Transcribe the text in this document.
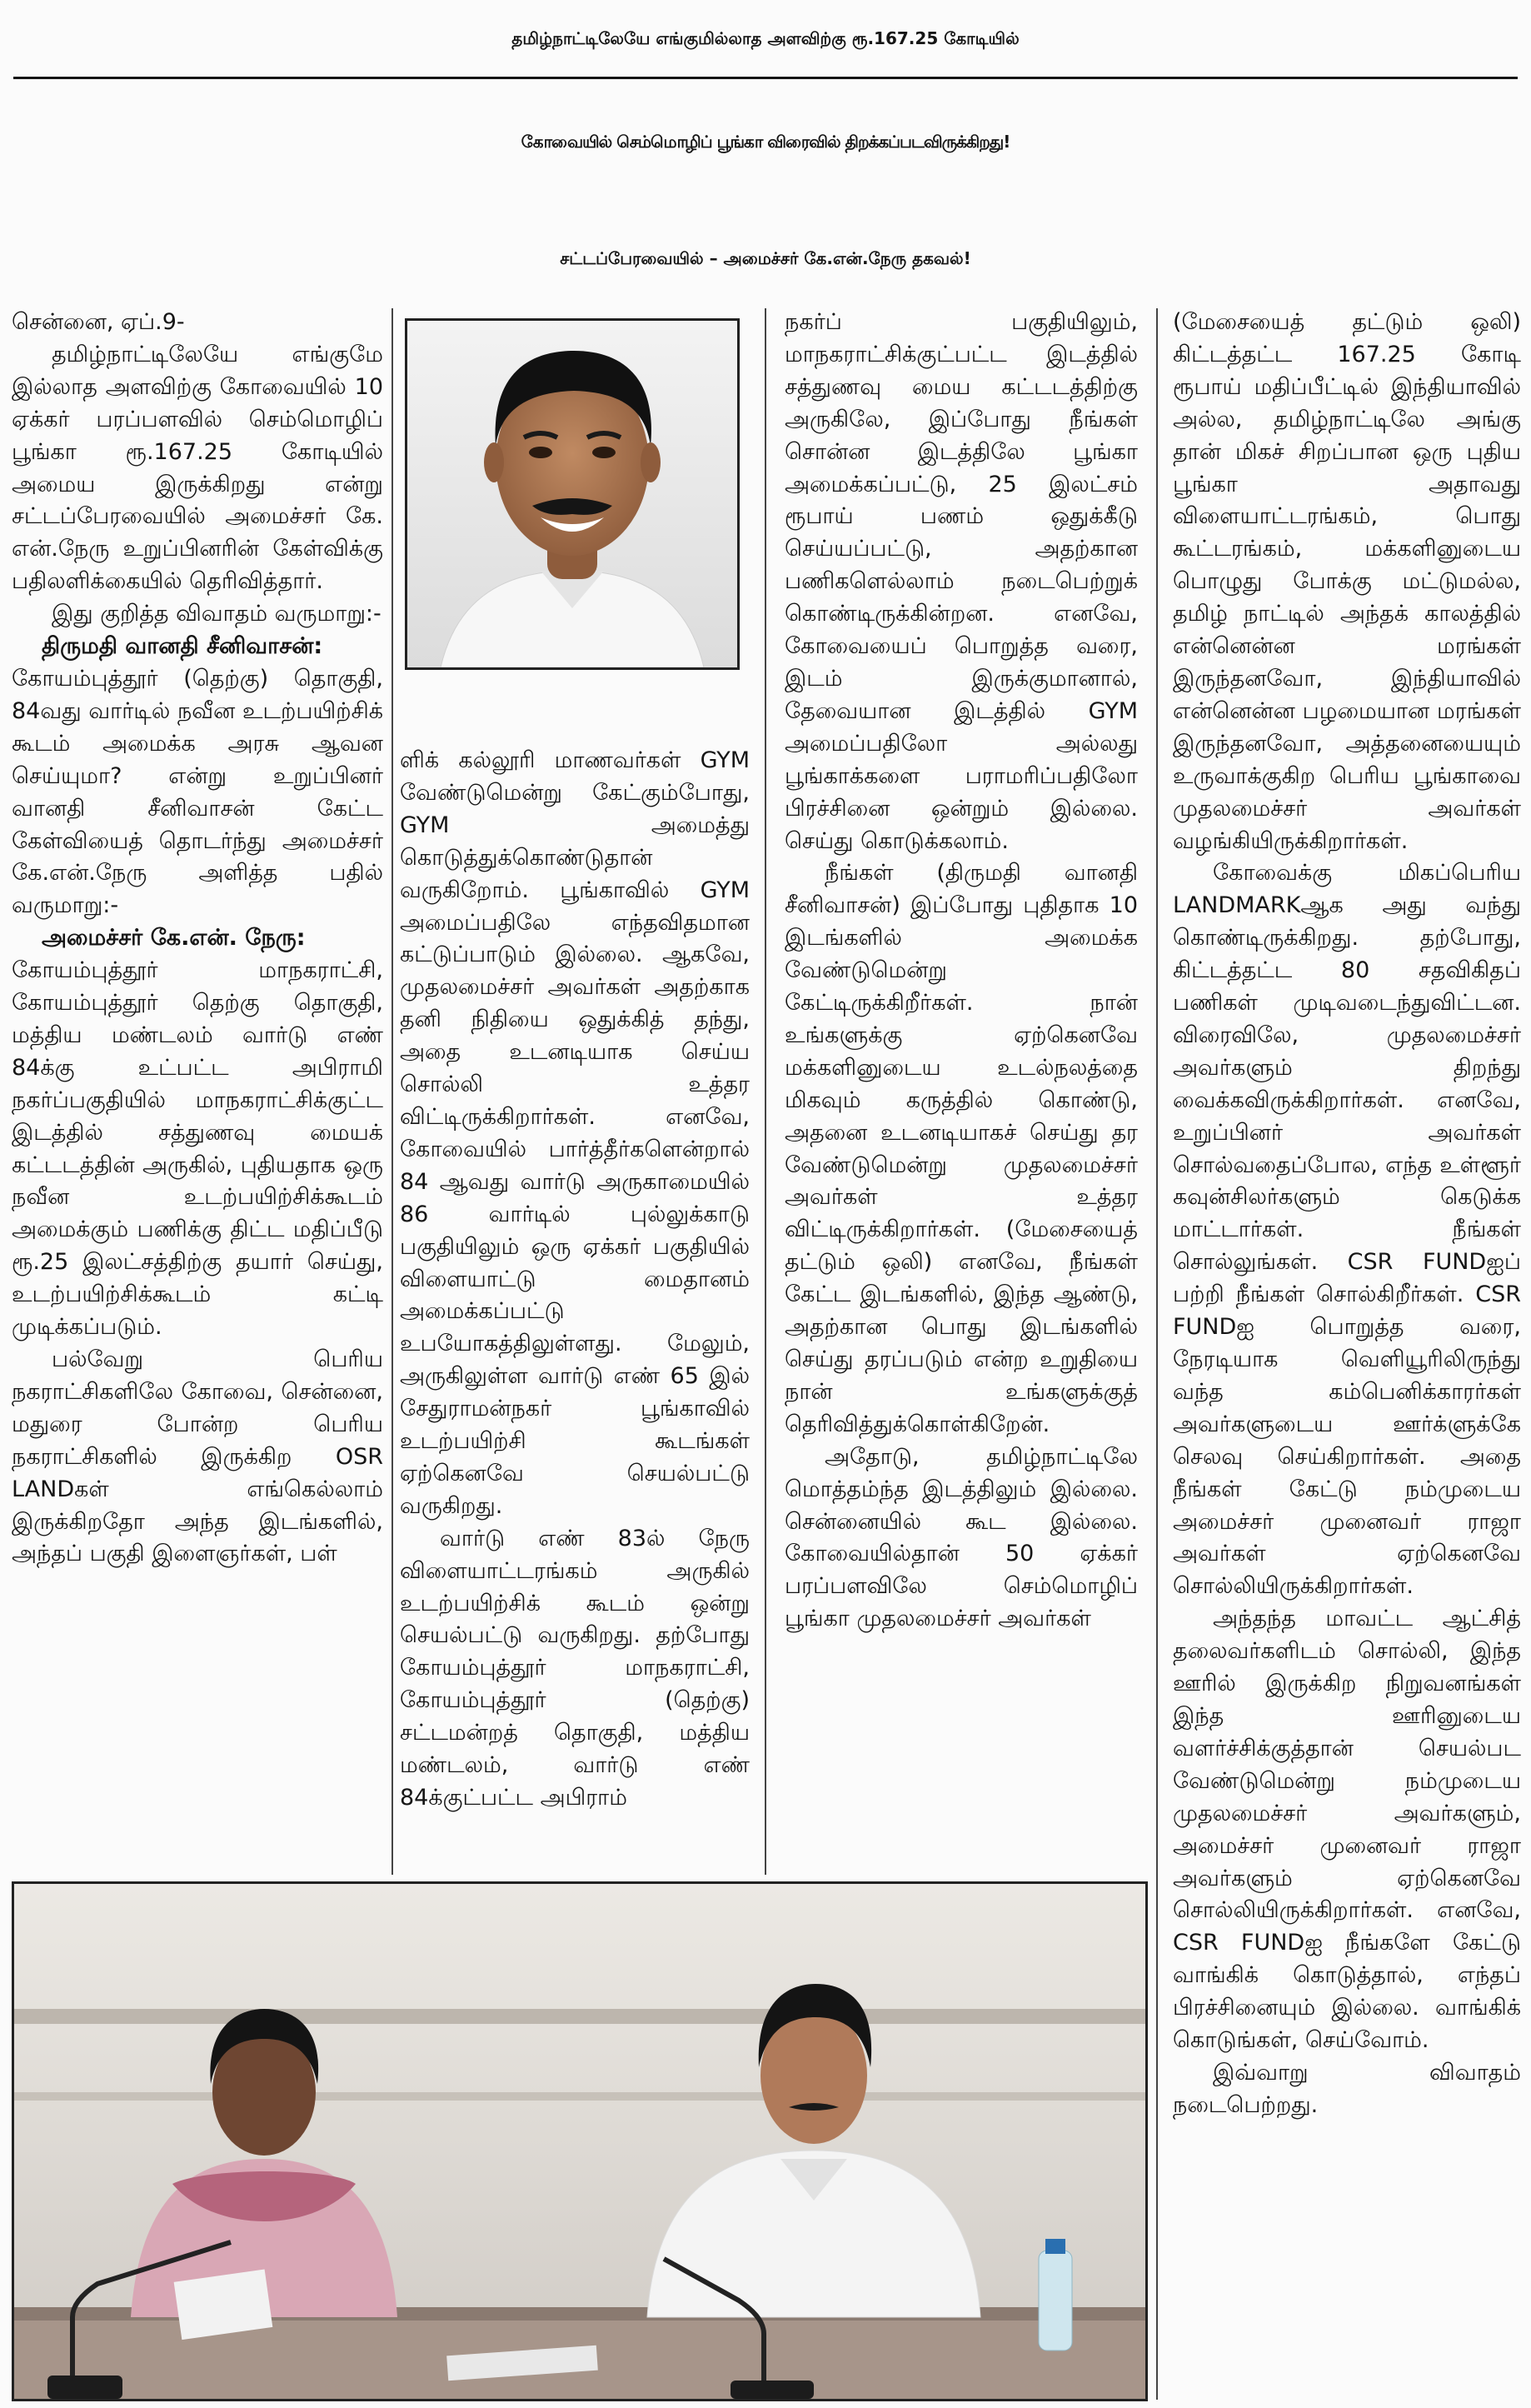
தமிழ்நாட்டிலேயே எங்குமில்லாத அளவிற்கு ரூ.167.25 கோடியில்
கோவையில் செம்மொழிப் பூங்கா விரைவில் திறக்கப்படவிருக்கிறது!
சட்டப்பேரவையில் – அமைச்சர் கே.என்.நேரு தகவல்!

சென்னை, ஏப்.9-

தமிழ்நாட்டிலேயே எங்குமே இல்லாத அளவிற்கு கோவையில் 10 ஏக்கர் பரப்பளவில் செம்மொழிப் பூங்கா ரூ.167.25 கோடியில் அமைய இருக்கிறது என்று சட்டப்பேரவையில் அமைச்சர் கே. என்.நேரு உறுப்பினரின் கேள்விக்கு பதிலளிக்கையில் தெரிவித்தார்.

இது குறித்த விவாதம் வருமாறு:-

திருமதி வானதி சீனிவாசன்:

கோயம்புத்தூர் (தெற்கு) தொகுதி, 84வது வார்டில் நவீன உடற்பயிற்சிக் கூடம் அமைக்க அரசு ஆவன செய்யுமா? என்று உறுப்பினர் வானதி சீனிவாசன் கேட்ட கேள்வியைத் தொடர்ந்து அமைச்சர் கே.என்.நேரு அளித்த பதில் வருமாறு:-

அமைச்சர் கே.என். நேரு:

கோயம்புத்தூர் மாநகராட்சி, கோயம்புத்தூர் தெற்கு தொகுதி, மத்திய மண்டலம் வார்டு எண் 84க்கு உட்பட்ட அபிராமி நகர்ப்பகுதியில் மாநகராட்சிக்குட்ட இடத்தில் சத்துணவு மையக் கட்டடத்தின் அருகில், புதியதாக ஒரு நவீன உடற்பயிற்சிக்கூடம் அமைக்கும் பணிக்கு திட்ட மதிப்பீடு ரூ.25 இலட்சத்திற்கு தயார் செய்து, உடற்பயிற்சிக்கூடம் கட்டி முடிக்கப்படும்.

பல்வேறு பெரிய நகராட்சிகளிலே கோவை, சென்னை, மதுரை போன்ற பெரிய நகராட்சிகளில் இருக்கிற OSR LANDகள் எங்கெல்லாம் இருக்கிறதோ அந்த இடங்களில், அந்தப் பகுதி இளைஞர்கள், பள்

ளிக் கல்லூரி மாணவர்கள் GYM வேண்டுமென்று கேட்கும்போது, GYM அமைத்து கொடுத்துக்கொண்டுதான் வருகிறோம். பூங்காவில் GYM அமைப்பதிலே எந்தவிதமான கட்டுப்பாடும் இல்லை. ஆகவே, முதலமைச்சர் அவர்கள் அதற்காக தனி நிதியை ஒதுக்கித் தந்து, அதை உடனடியாக செய்ய சொல்லி உத்தர விட்டிருக்கிறார்கள். எனவே, கோவையில் பார்த்தீர்களென்றால் 84 ஆவது வார்டு அருகாமையில் 86 வார்டில் புல்லுக்காடு பகுதியிலும் ஒரு ஏக்கர் பகுதியில் விளையாட்டு மைதானம் அமைக்கப்பட்டு உபயோகத்திலுள்ளது. மேலும், அருகிலுள்ள வார்டு எண் 65 இல் சேதுராமன்நகர் பூங்காவில் உடற்பயிற்சி கூடங்கள் ஏற்கெனவே செயல்பட்டு வருகிறது.

வார்டு எண் 83ல் நேரு விளையாட்டரங்கம் அருகில் உடற்பயிற்சிக் கூடம் ஒன்று செயல்பட்டு வருகிறது. தற்போது கோயம்புத்தூர் மாநகராட்சி, கோயம்புத்தூர் (தெற்கு) சட்டமன்றத் தொகுதி, மத்திய மண்டலம், வார்டு எண் 84க்குட்பட்ட அபிராம்

நகர்ப் பகுதியிலும், மாநகராட்சிக்குட்பட்ட இடத்தில் சத்துணவு மைய கட்டடத்திற்கு அருகிலே, இப்போது நீங்கள் சொன்ன இடத்திலே பூங்கா அமைக்கப்பட்டு, 25 இலட்சம் ரூபாய் பணம் ஒதுக்கீடு செய்யப்பட்டு, அதற்கான பணிகளெல்லாம் நடைபெற்றுக் கொண்டிருக்கின்றன. எனவே, கோவையைப் பொறுத்த வரை, இடம் இருக்குமானால், தேவையான இடத்தில் GYM அமைப்பதிலோ அல்லது பூங்காக்களை பராமரிப்பதிலோ பிரச்சினை ஒன்றும் இல்லை. செய்து கொடுக்கலாம்.

நீங்கள் (திருமதி வானதி சீனிவாசன்) இப்போது புதிதாக 10 இடங்களில் அமைக்க வேண்டுமென்று கேட்டிருக்கிறீர்கள். நான் உங்களுக்கு ஏற்கெனவே மக்களினுடைய உடல்நலத்தை மிகவும் கருத்தில் கொண்டு, அதனை உடனடியாகச் செய்து தர வேண்டுமென்று முதலமைச்சர் அவர்கள் உத்தர விட்டிருக்கிறார்கள். (மேசையைத் தட்டும் ஒலி) எனவே, நீங்கள் கேட்ட இடங்களில், இந்த ஆண்டு, அதற்கான பொது இடங்களில் செய்து தரப்படும் என்ற உறுதியை நான் உங்களுக்குத் தெரிவித்துக்கொள்கிறேன்.

அதோடு, தமிழ்நாட்டிலே மொத்தம்ந்த இடத்திலும் இல்லை. சென்னையில் கூட இல்லை. கோவையில்தான் 50 ஏக்கர் பரப்பளவிலே செம்மொழிப் பூங்கா முதலமைச்சர் அவர்கள்

(மேசையைத் தட்டும் ஒலி) கிட்டத்தட்ட 167.25 கோடி ரூபாய் மதிப்பீட்டில் இந்தியாவில் அல்ல, தமிழ்நாட்டிலே அங்கு தான் மிகச் சிறப்பான ஒரு புதிய பூங்கா அதாவது விளையாட்டரங்கம், பொது கூட்டரங்கம், மக்களினுடைய பொழுது போக்கு மட்டுமல்ல, தமிழ் நாட்டில் அந்தக் காலத்தில் என்னென்ன மரங்கள் இருந்தனவோ, இந்தியாவில் என்னென்ன பழமையான மரங்கள் இருந்தனவோ, அத்தனையையும் உருவாக்குகிற பெரிய பூங்காவை முதலமைச்சர் அவர்கள் வழங்கியிருக்கிறார்கள்.

கோவைக்கு மிகப்பெரிய LANDMARKஆக அது வந்து கொண்டிருக்கிறது. தற்போது, கிட்டத்தட்ட 80 சதவிகிதப் பணிகள் முடிவடைந்துவிட்டன. விரைவிலே, முதலமைச்சர் அவர்களும் திறந்து வைக்கவிருக்கிறார்கள். எனவே, உறுப்பினர் அவர்கள் சொல்வதைப்போல, எந்த உள்ளூர் கவுன்சிலர்களும் கெடுக்க மாட்டார்கள். நீங்கள் சொல்லுங்கள். CSR FUNDஐப் பற்றி நீங்கள் சொல்கிறீர்கள். CSR FUNDஐ பொறுத்த வரை, நேரடியாக வெளியூரிலிருந்து வந்த கம்பெனிக்காரர்கள் அவர்களுடைய ஊர்க்ளுக்கே செலவு செய்கிறார்கள். அதை நீங்கள் கேட்டு நம்முடைய அமைச்சர் முனைவர் ராஜா அவர்கள் ஏற்கெனவே சொல்லியிருக்கிறார்கள்.

அந்தந்த மாவட்ட ஆட்சித் தலைவர்களிடம் சொல்லி, இந்த ஊரில் இருக்கிற நிறுவனங்கள் இந்த ஊரினுடைய வளர்ச்சிக்குத்தான் செயல்பட வேண்டுமென்று நம்முடைய முதலமைச்சர் அவர்களும், அமைச்சர் முனைவர் ராஜா அவர்களும் ஏற்கெனவே சொல்லியிருக்கிறார்கள். எனவே, CSR FUNDஐ நீங்களே கேட்டு வாங்கிக் கொடுத்தால், எந்தப் பிரச்சினையும் இல்லை. வாங்கிக் கொடுங்கள், செய்வோம்.

இவ்வாறு விவாதம் நடைபெற்றது.
